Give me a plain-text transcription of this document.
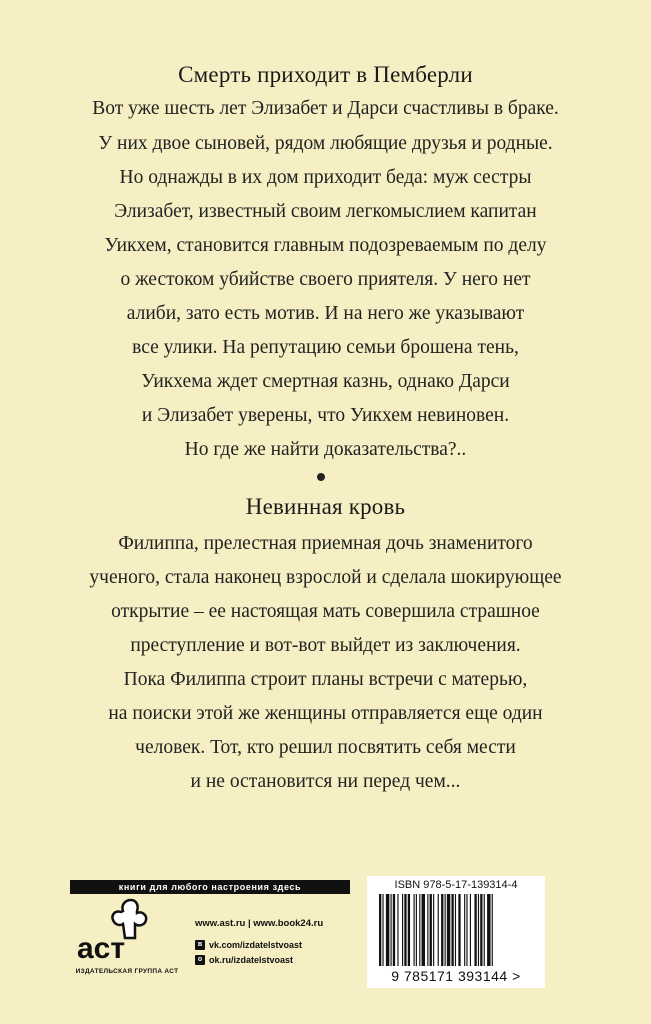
Смерть приходит в Пемберли
Вот уже шесть лет Элизабет и Дарси счастливы в браке.
У них двое сыновей, рядом любящие друзья и родные.
Но однажды в их дом приходит беда: муж сестры
Элизабет, известный своим легкомыслием капитан
Уикхем, становится главным подозреваемым по делу
о жестоком убийстве своего приятеля. У него нет
алиби, зато есть мотив. И на него же указывают
все улики. На репутацию семьи брошена тень,
Уикхема ждет смертная казнь, однако Дарси
и Элизабет уверены, что Уикхем невиновен.
Но где же найти доказательства?..
Невинная кровь
Филиппа, прелестная приемная дочь знаменитого
ученого, стала наконец взрослой и сделала шокирующее
открытие – ее настоящая мать совершила страшное
преступление и вот-вот выйдет из заключения.
Пока Филиппа строит планы встречи с матерью,
на поиски этой же женщины отправляется еще один
человек. Тот, кто решил посвятить себя мести
и не остановится ни перед чем...
книги для любого настроения здесь
аст
ИЗДАТЕЛЬСКАЯ ГРУППА АСТ
www.ast.ru | www.book24.ru
в vk.com/izdatelstvoast
о ok.ru/izdatelstvoast
ISBN 978-5-17-139314-4
9 785171 393144 >
